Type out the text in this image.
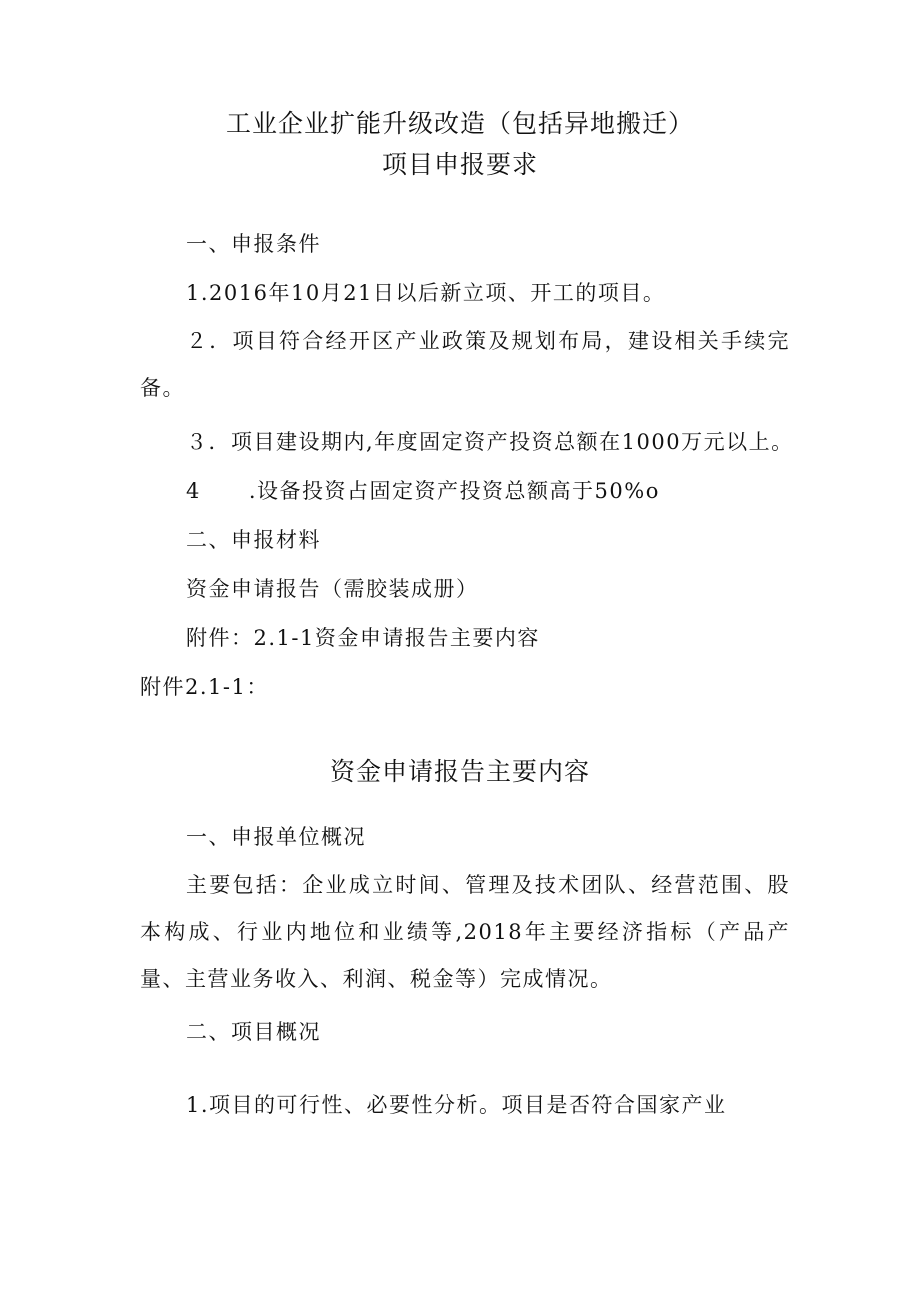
工业企业扩能升级改造（包括异地搬迁）
项目申报要求
一、申报条件
1.2016年10月21日以后新立项、开工的项目。
２．项目符合经开区产业政策及规划布局，建设相关手续完备。
３．项目建设期内,年度固定资产投资总额在1000万元以上。
4 .设备投资占固定资产投资总额高于50%o
二、申报材料
资金申请报告（需胶装成册）
附件：2.1-1资金申请报告主要内容
附件2.1-1：
资金申请报告主要内容
一、申报单位概况
主要包括：企业成立时间、管理及技术团队、经营范围、股本构成、行业内地位和业绩等,2018年主要经济指标（产品产量、主营业务收入、利润、税金等）完成情况。
二、项目概况
1.项目的可行性、必要性分析。项目是否符合国家产业
